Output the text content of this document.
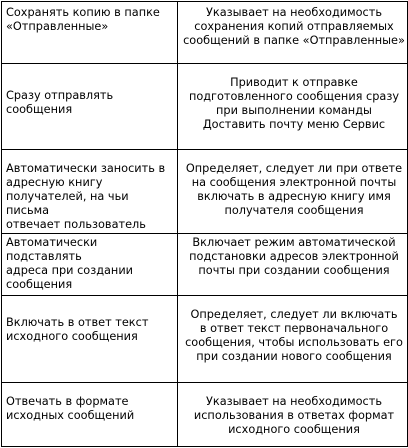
Сохранять копию в папке
«Отправленные»	Указывает на необходимость
сохранения копий отправляемых
сообщений в папке «Отправленные»

Сразу отправлять
сообщения	Приводит к отправке
подготовленного сообщения сразу
при выполнении команды
Доставить почту меню Сервис

Автоматически заносить в
адресную книгу
получателей, на чьи письма
отвечает пользователь	Определяет, следует ли при ответе
на сообщения электронной почты
включать в адресную книгу имя
получателя сообщения

Автоматически подставлять
адреса при создании
сообщения	Включает режим автоматической
подстановки адресов электронной
почты при создании сообщения

Включать в ответ текст
исходного сообщения	Определяет, следует ли включать
в ответ текст первоначального
сообщения, чтобы использовать его
при создании нового сообщения

Отвечать в формате
исходных сообщений	Указывает на необходимость
использования в ответах формат
исходного сообщения
